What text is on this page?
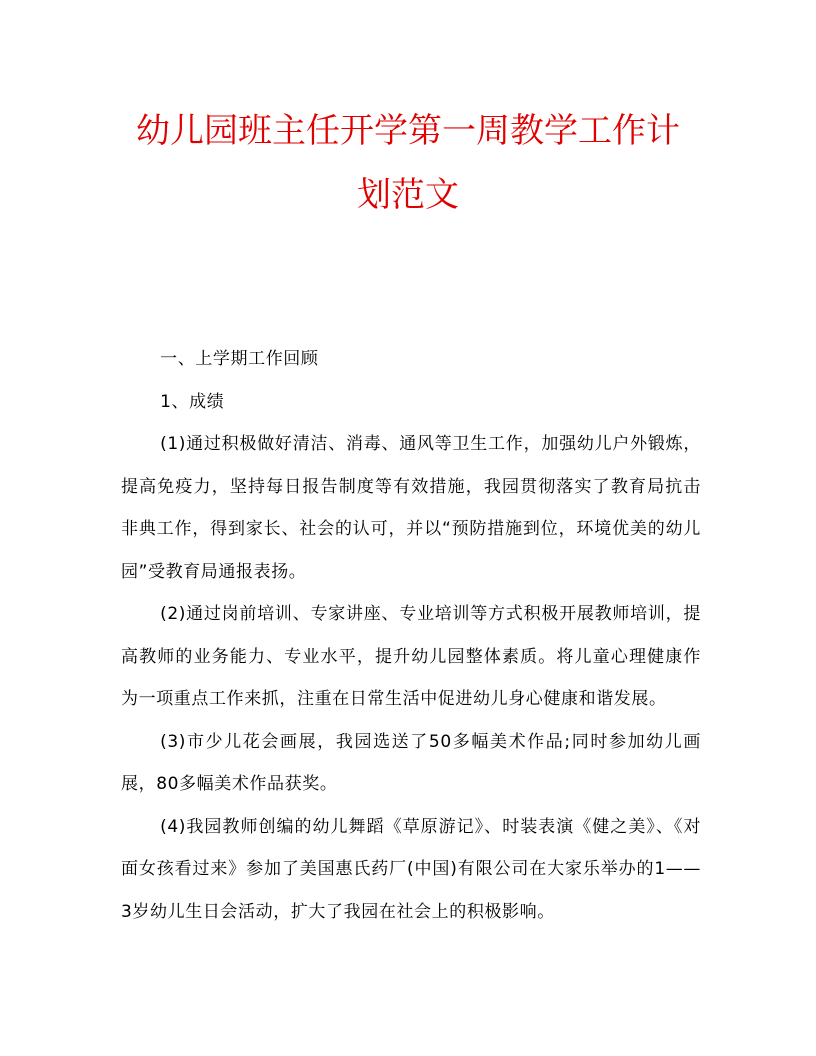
幼儿园班主任开学第一周教学工作计
划范文

一、上学期工作回顾

1、成绩

(1)通过积极做好清洁、消毒、通风等卫生工作，加强幼儿户外锻炼，提高免疫力，坚持每日报告制度等有效措施，我园贯彻落实了教育局抗击非典工作，得到家长、社会的认可，并以“预防措施到位，环境优美的幼儿园”受教育局通报表扬。

(2)通过岗前培训、专家讲座、专业培训等方式积极开展教师培训，提高教师的业务能力、专业水平，提升幼儿园整体素质。将儿童心理健康作为一项重点工作来抓，注重在日常生活中促进幼儿身心健康和谐发展。

(3)市少儿花会画展，我园选送了50多幅美术作品;同时参加幼儿画展，80多幅美术作品获奖。

(4)我园教师创编的幼儿舞蹈《草原游记》、时装表演《健之美》、《对面女孩看过来》参加了美国惠氏药厂(中国)有限公司在大家乐举办的1——3岁幼儿生日会活动，扩大了我园在社会上的积极影响。
